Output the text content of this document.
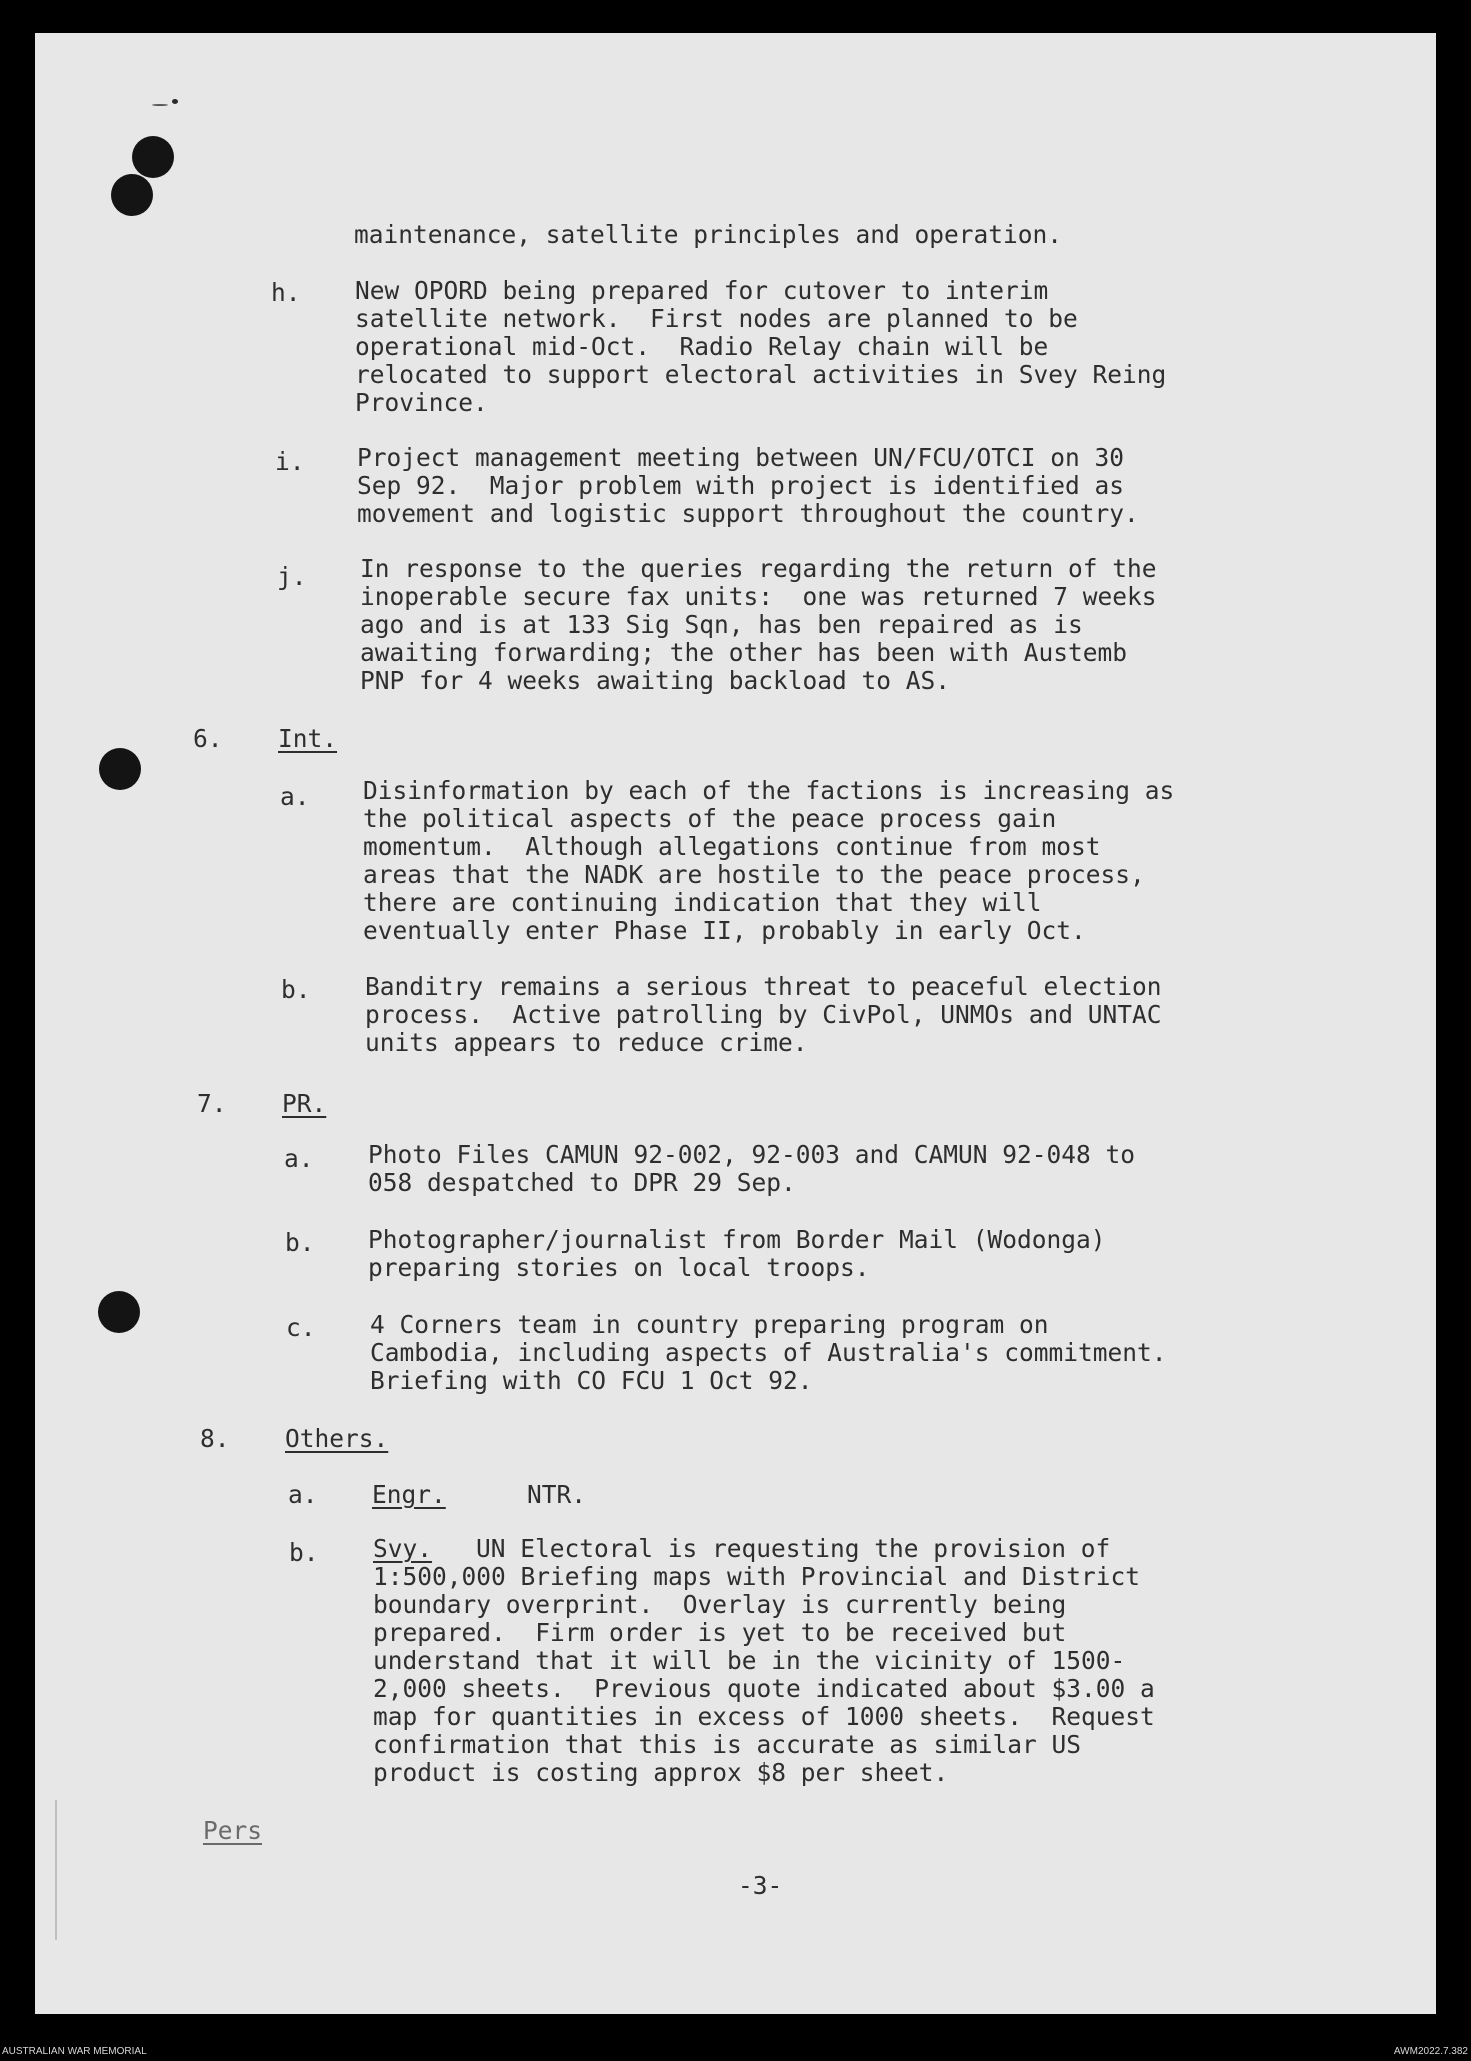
maintenance, satellite principles and operation.
h. New OPORD being prepared for cutover to interim
satellite network.  First nodes are planned to be
operational mid-Oct.  Radio Relay chain will be
relocated to support electoral activities in Svey Reing
Province.
i. Project management meeting between UN/FCU/OTCI on 30
Sep 92.  Major problem with project is identified as
movement and logistic support throughout the country.
j. In response to the queries regarding the return of the
inoperable secure fax units:  one was returned 7 weeks
ago and is at 133 Sig Sqn, has ben repaired as is
awaiting forwarding; the other has been with Austemb
PNP for 4 weeks awaiting backload to AS.
6. Int.
a. Disinformation by each of the factions is increasing as
the political aspects of the peace process gain
momentum.  Although allegations continue from most
areas that the NADK are hostile to the peace process,
there are continuing indication that they will
eventually enter Phase II, probably in early Oct.
b. Banditry remains a serious threat to peaceful election
process.  Active patrolling by CivPol, UNMOs and UNTAC
units appears to reduce crime.
7. PR.
a. Photo Files CAMUN 92-002, 92-003 and CAMUN 92-048 to
058 despatched to DPR 29 Sep.
b. Photographer/journalist from Border Mail (Wodonga)
preparing stories on local troops.
c. 4 Corners team in country preparing program on
Cambodia, including aspects of Australia's commitment.
Briefing with CO FCU 1 Oct 92.
8. Others.
a. Engr.	NTR.
b. Svy. UN Electoral is requesting the provision of
1:500,000 Briefing maps with Provincial and District
boundary overprint.  Overlay is currently being
prepared.  Firm order is yet to be received but
understand that it will be in the vicinity of 1500-
2,000 sheets.  Previous quote indicated about $3.00 a
map for quantities in excess of 1000 sheets.  Request
confirmation that this is accurate as similar US
product is costing approx $8 per sheet.
Pers
-3-
AUSTRALIAN WAR MEMORIAL	AWM2022.7.382
